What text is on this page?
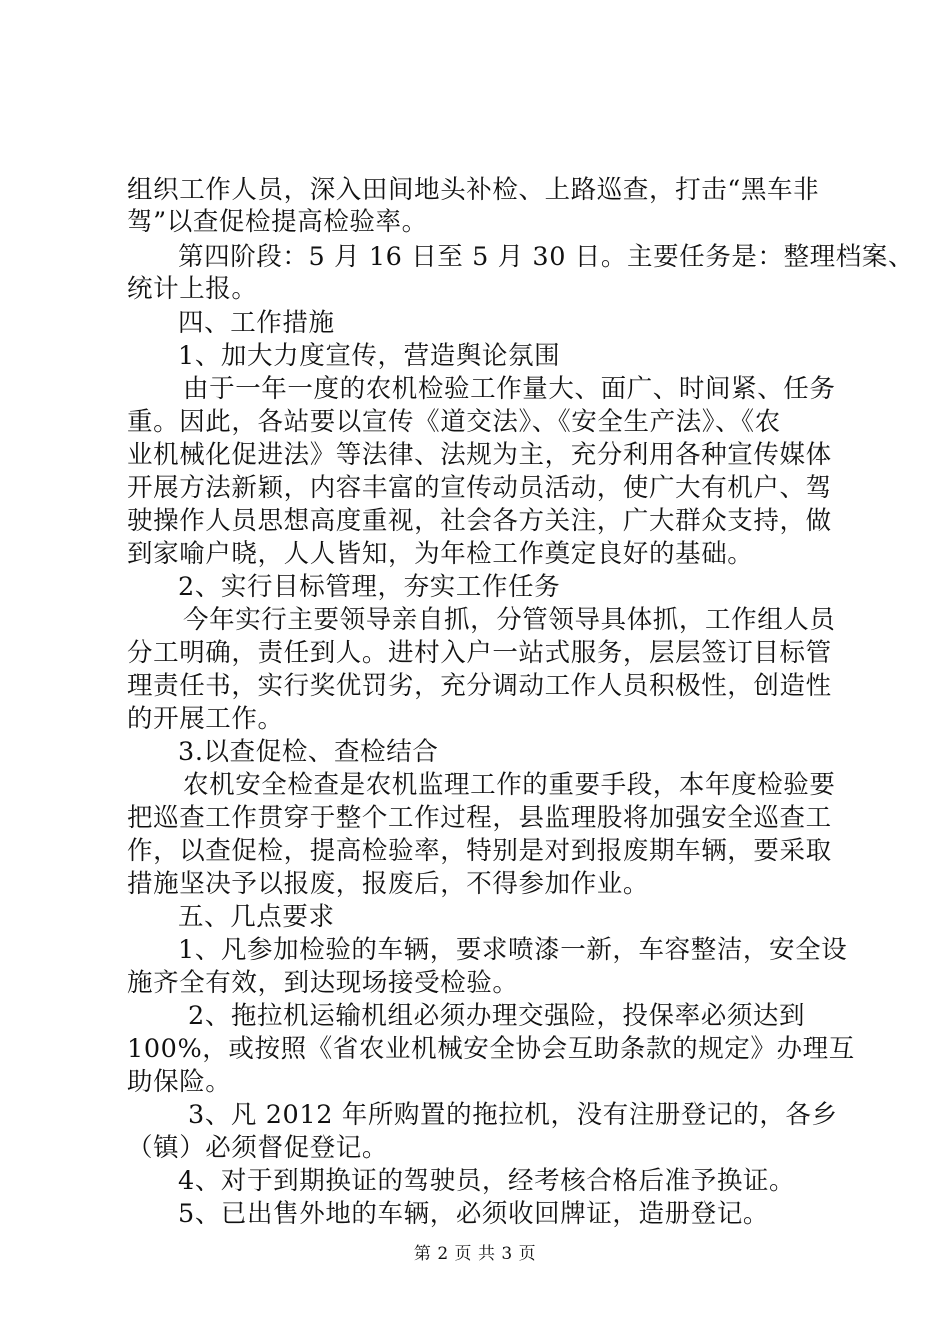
组织工作人员，深入田间地头补检、上路巡查，打击“黑车非
驾”以查促检提高检验率。
第四阶段：5 月 16 日至 5 月 30 日。主要任务是：整理档案、
统计上报。
四、工作措施
1、加大力度宣传，营造舆论氛围
由于一年一度的农机检验工作量大、面广、时间紧、任务
重。因此，各站要以宣传《道交法》、《安全生产法》、《农
业机械化促进法》等法律、法规为主，充分利用各种宣传媒体
开展方法新颖，内容丰富的宣传动员活动，使广大有机户、驾
驶操作人员思想高度重视，社会各方关注，广大群众支持，做
到家喻户晓，人人皆知，为年检工作奠定良好的基础。
2、实行目标管理，夯实工作任务
今年实行主要领导亲自抓，分管领导具体抓，工作组人员
分工明确，责任到人。进村入户一站式服务，层层签订目标管
理责任书，实行奖优罚劣，充分调动工作人员积极性，创造性
的开展工作。
3.以查促检、查检结合
农机安全检查是农机监理工作的重要手段，本年度检验要
把巡查工作贯穿于整个工作过程，县监理股将加强安全巡查工
作，以查促检，提高检验率，特别是对到报废期车辆，要采取
措施坚决予以报废，报废后，不得参加作业。
五、几点要求
1、凡参加检验的车辆，要求喷漆一新，车容整洁，安全设
施齐全有效，到达现场接受检验。
2、拖拉机运输机组必须办理交强险，投保率必须达到
100%，或按照《省农业机械安全协会互助条款的规定》办理互
助保险。
3、凡 2012 年所购置的拖拉机，没有注册登记的，各乡
（镇）必须督促登记。
4、对于到期换证的驾驶员，经考核合格后准予换证。
5、已出售外地的车辆，必须收回牌证，造册登记。
第 2 页 共 3 页
